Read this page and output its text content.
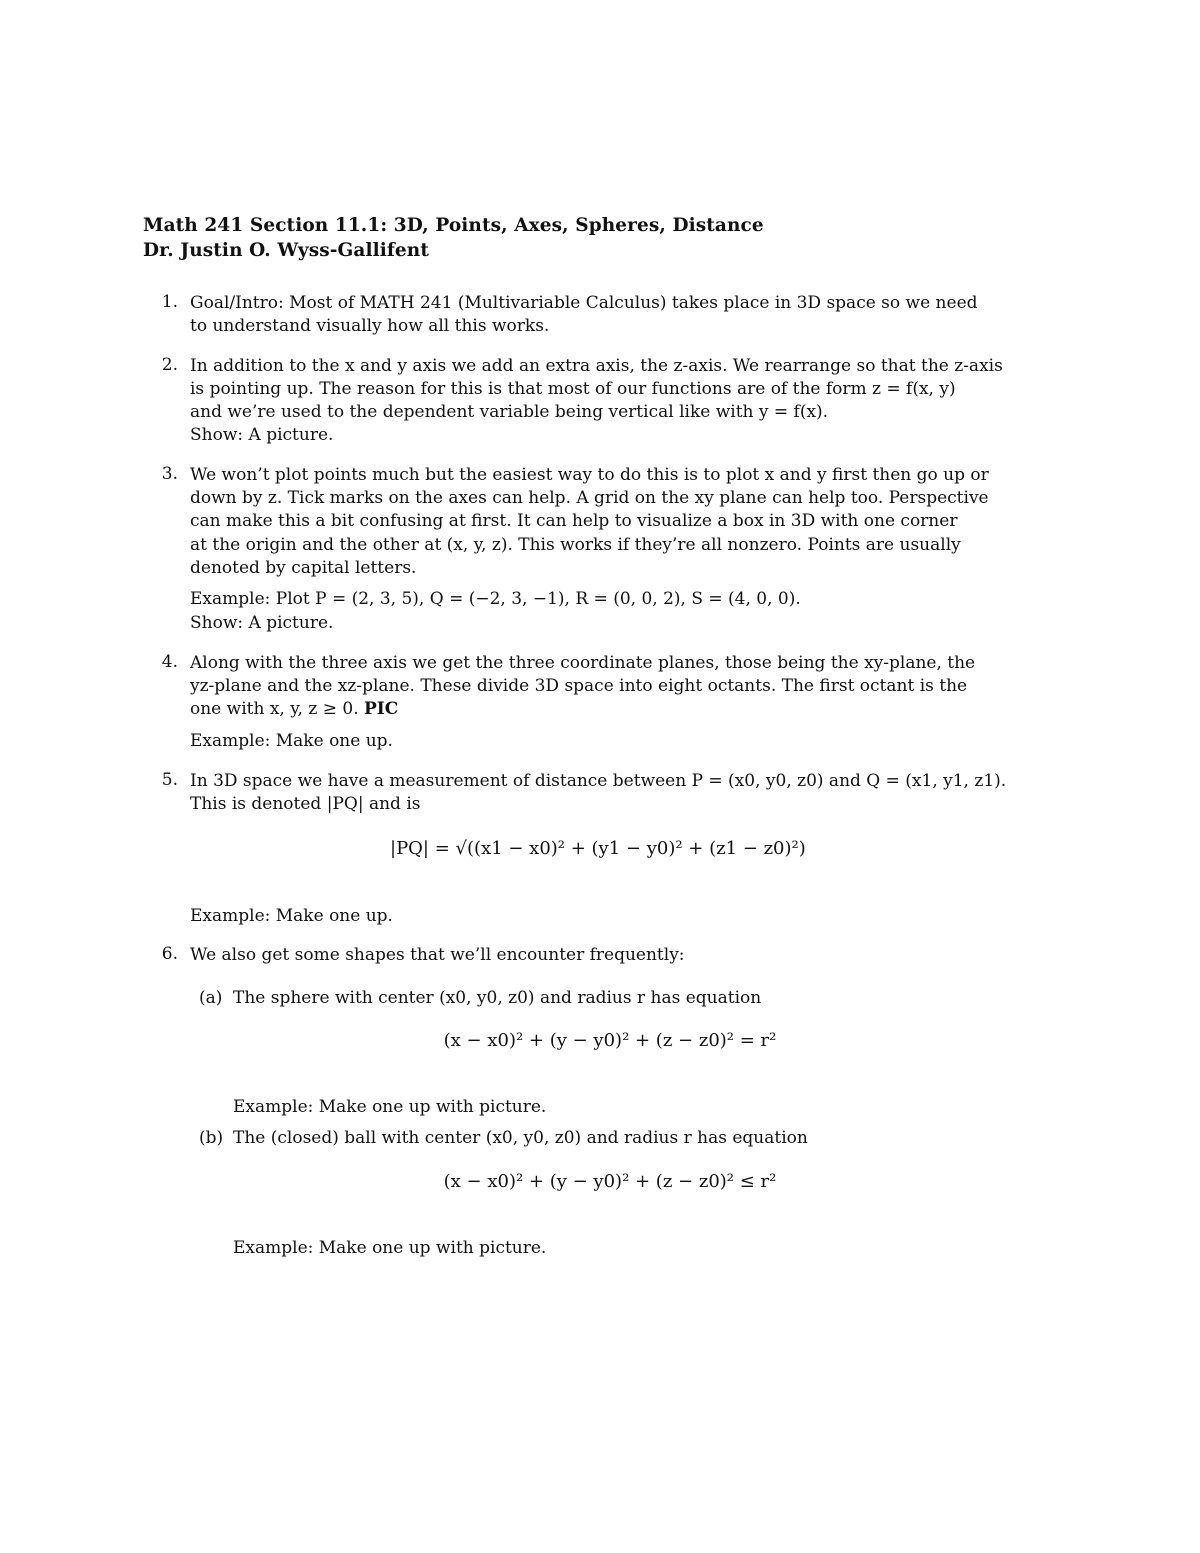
Math 241 Section 11.1: 3D, Points, Axes, Spheres, Distance
Dr. Justin O. Wyss-Gallifent
1. Goal/Intro: Most of MATH 241 (Multivariable Calculus) takes place in 3D space so we need
to understand visually how all this works.
2. In addition to the x and y axis we add an extra axis, the z-axis. We rearrange so that the z-axis
is pointing up. The reason for this is that most of our functions are of the form z = f(x, y)
and we’re used to the dependent variable being vertical like with y = f(x).
Show: A picture.
3. We won’t plot points much but the easiest way to do this is to plot x and y first then go up or
down by z. Tick marks on the axes can help. A grid on the xy plane can help too. Perspective
can make this a bit confusing at first. It can help to visualize a box in 3D with one corner
at the origin and the other at (x, y, z). This works if they’re all nonzero. Points are usually
denoted by capital letters.
Example: Plot P = (2, 3, 5), Q = (−2, 3, −1), R = (0, 0, 2), S = (4, 0, 0).
Show: A picture.
4. Along with the three axis we get the three coordinate planes, those being the xy-plane, the
yz-plane and the xz-plane. These divide 3D space into eight octants. The first octant is the
one with x, y, z ≥ 0. PIC
Example: Make one up.
5. In 3D space we have a measurement of distance between P = (x0, y0, z0) and Q = (x1, y1, z1).
This is denoted |PQ| and is
|PQ| = √((x1 − x0)² + (y1 − y0)² + (z1 − z0)²)
Example: Make one up.
6. We also get some shapes that we’ll encounter frequently:
(a) The sphere with center (x0, y0, z0) and radius r has equation
(x − x0)² + (y − y0)² + (z − z0)² = r²
Example: Make one up with picture.
(b) The (closed) ball with center (x0, y0, z0) and radius r has equation
(x − x0)² + (y − y0)² + (z − z0)² ≤ r²
Example: Make one up with picture.
